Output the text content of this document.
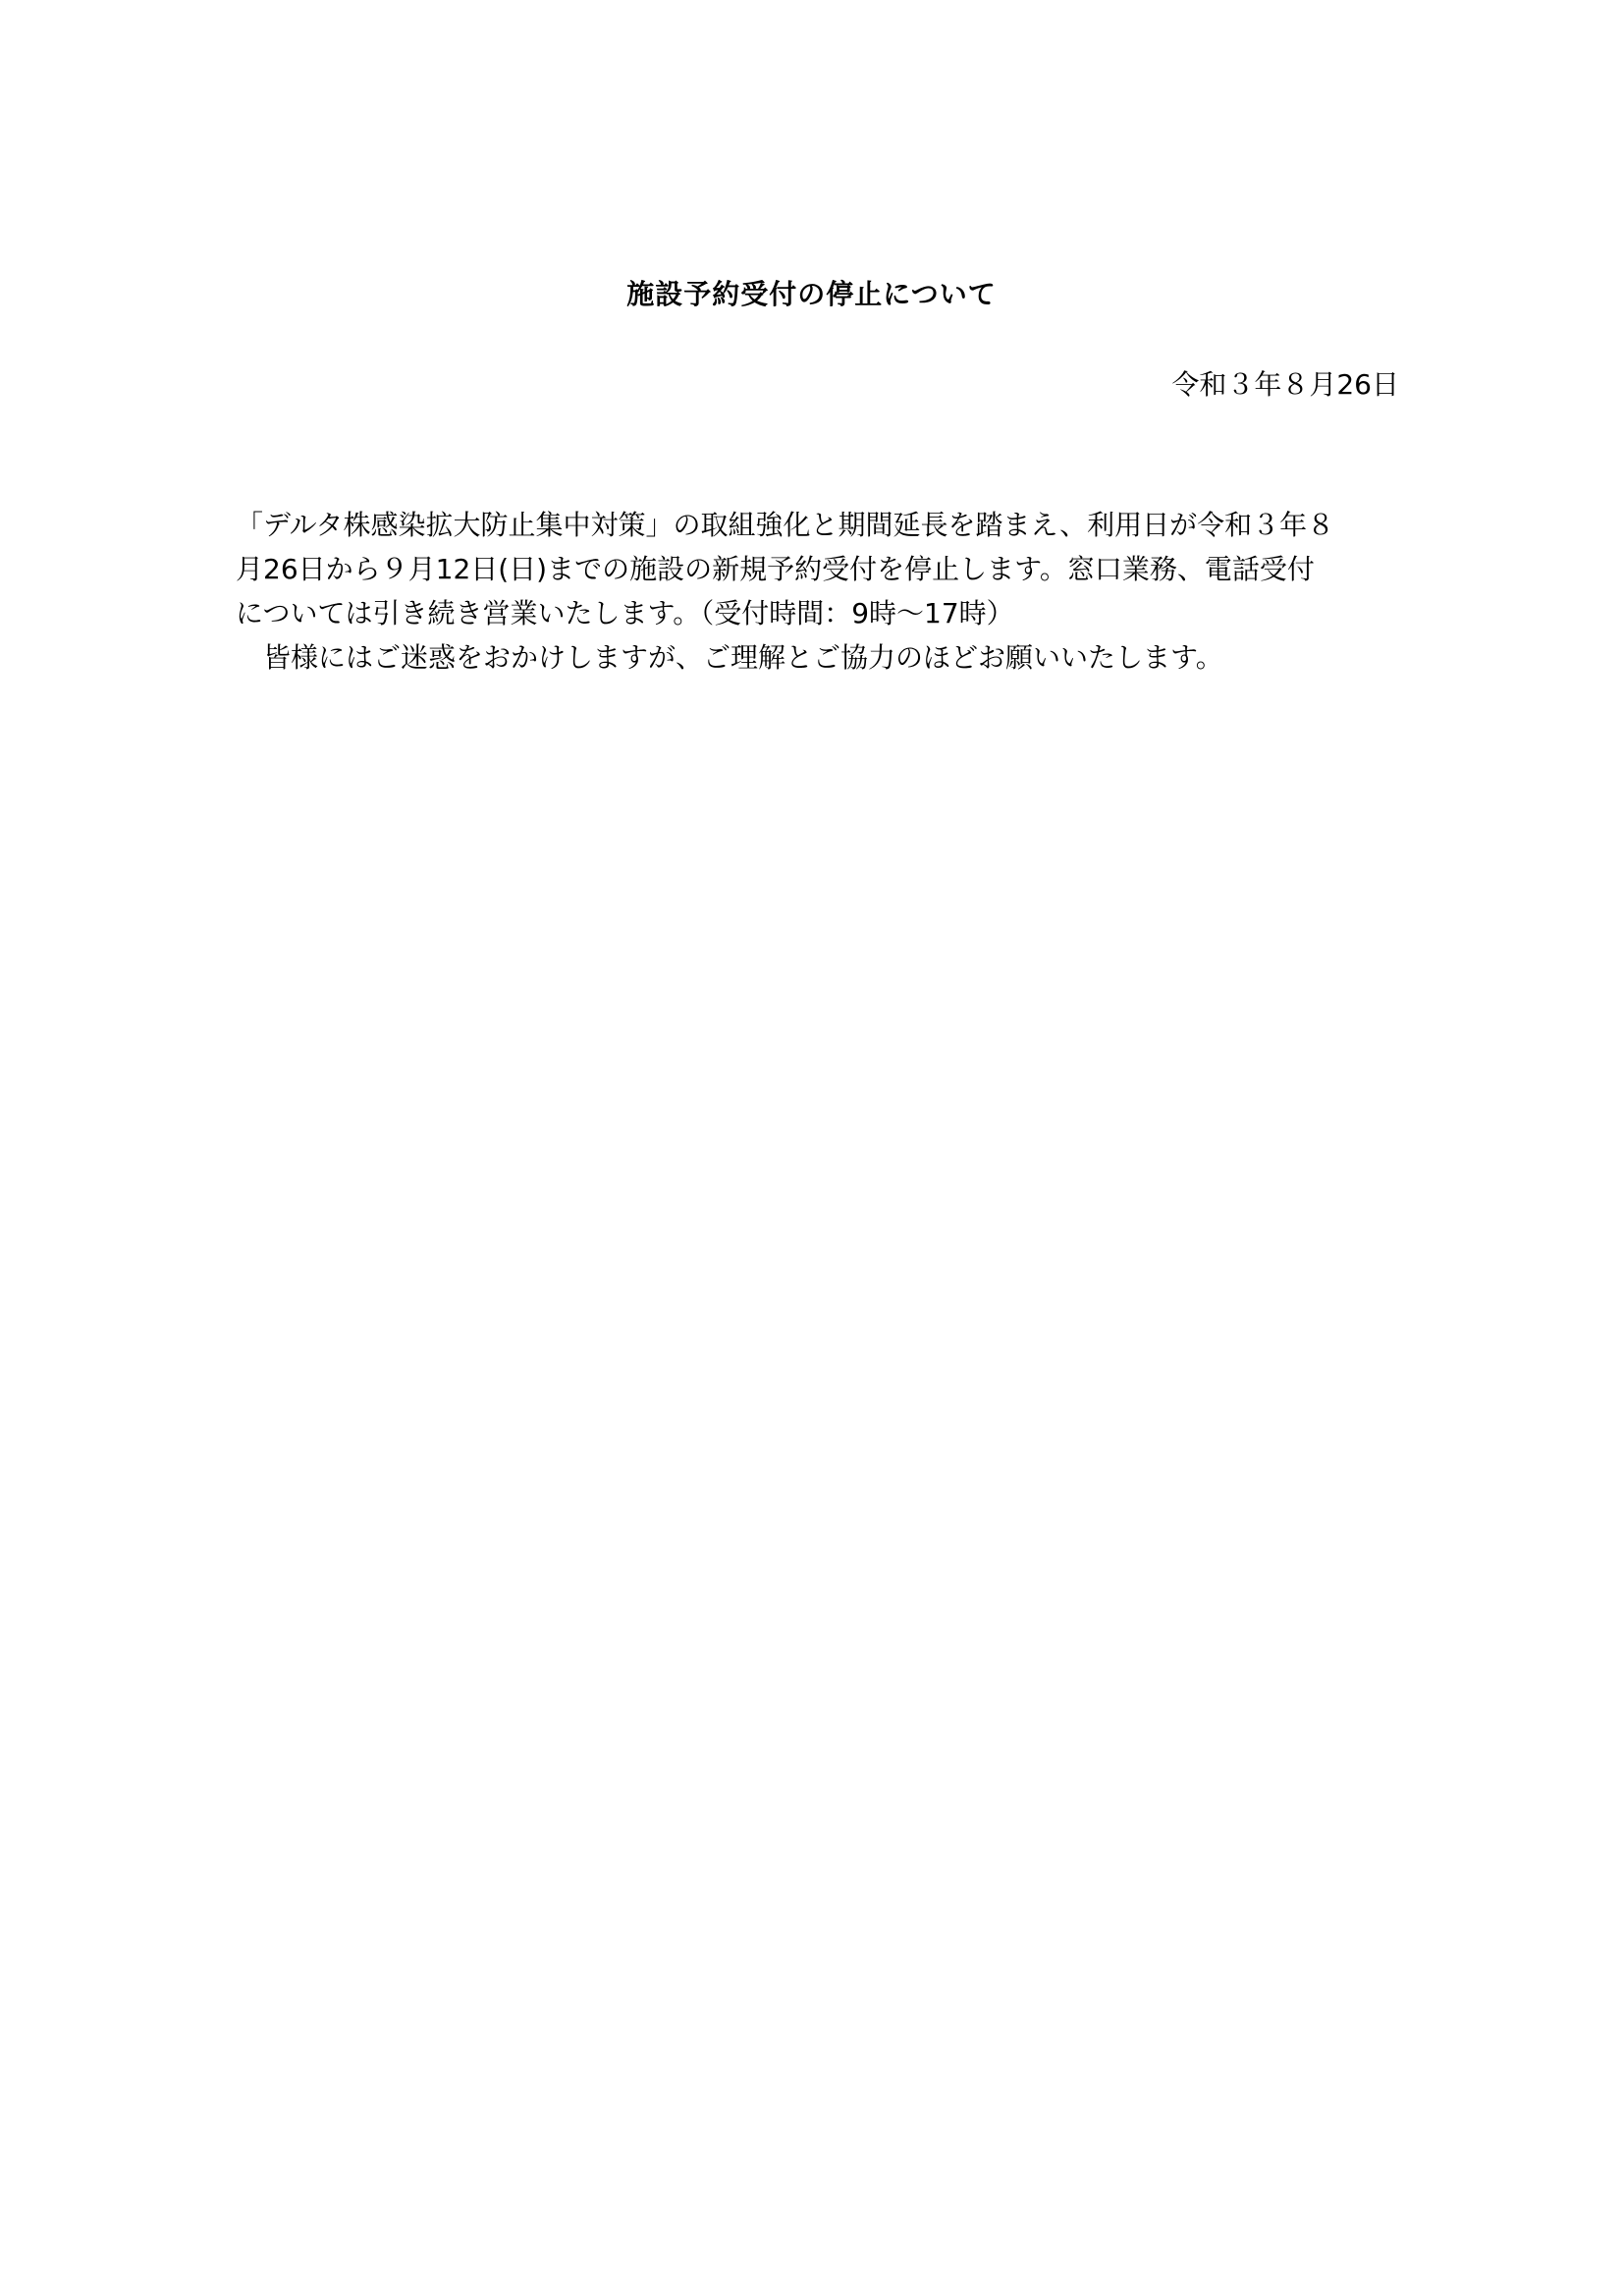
施設予約受付の停止について
令和３年８月26日
「デルタ株感染拡大防止集中対策」の取組強化と期間延長を踏まえ、利用日が令和３年８
月26日から９月12日(日)までの施設の新規予約受付を停止します。窓口業務、電話受付
については引き続き営業いたします。（受付時間：9時～17時）
皆様にはご迷惑をおかけしますが、ご理解とご協力のほどお願いいたします。
